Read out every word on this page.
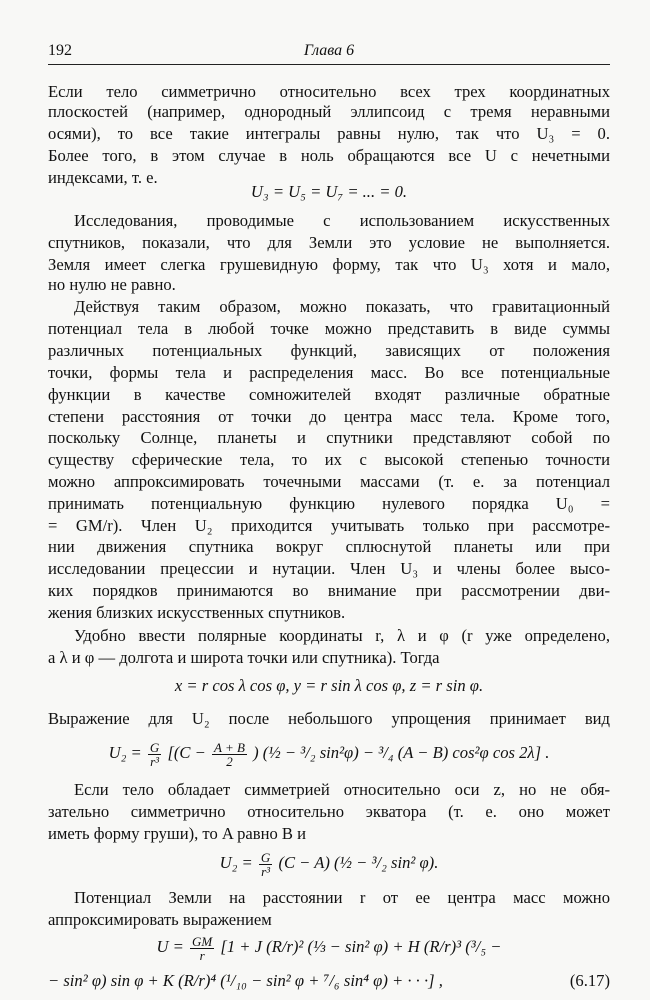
192	Глава 6
Если тело симметрично относительно всех трех координатных
плоскостей (например, однородный эллипсоид с тремя неравными
осями), то все такие интегралы равны нулю, так что U₃ = 0.
Более того, в этом случае в ноль обращаются все U с нечетными
индексами, т. е.
U₃ = U₅ = U₇ = ... = 0.
Исследования, проводимые с использованием искусственных
спутников, показали, что для Земли это условие не выполняется.
Земля имеет слегка грушевидную форму, так что U₃ хотя и мало,
но нулю не равно.
Действуя таким образом, можно показать, что гравитационный
потенциал тела в любой точке можно представить в виде суммы
различных потенциальных функций, зависящих от положения
точки, формы тела и распределения масс. Во все потенциальные
функции в качестве сомножителей входят различные обратные
степени расстояния от точки до центра масс тела. Кроме того,
поскольку Солнце, планеты и спутники представляют собой по
существу сферические тела, то их с высокой степенью точности
можно аппроксимировать точечными массами (т. е. за потенциал
принимать потенциальную функцию нулевого порядка U₀ =
= GM/r). Член U₂ приходится учитывать только при рассмотре-
нии движения спутника вокруг сплюснутой планеты или при
исследовании прецессии и нутации. Член U₃ и члены более высо-
ких порядков принимаются во внимание при рассмотрении дви-
жения близких искусственных спутников.
Удобно ввести полярные координаты r, λ и φ (r уже определено,
a λ и φ — долгота и широта точки или спутника). Тогда
x = r cos λ cos φ, y = r sin λ cos φ, z = r sin φ.
Выражение для U₂ после небольшого упрощения принимает вид
$U_2 = \frac{G}{\text{r³}} [(C - \frac{A + B}{2}$ ) (½ − ³/₂ sin²φ) − ³/₄ (A − B) cos²φ cos 2λ] .
Если тело обладает симметрией относительно оси z, но не обя-
зательно симметрично относительно экватора (т. е. оно может
иметь форму груши), то A равно B и
$U_2 = \frac{G}{\text{r³}} (C - A)$ (½ − ³/₂ sin² φ).
Потенциал Земли на расстоянии r от ее центра масс можно
аппроксимировать выражением
$U = \frac{GM}{r} [1 + J$ (R/r)² (⅓ − sin² φ) + H (R/r)³ (³/₅ −
− sin² φ) sin φ + K (R/r)⁴ (¹/₁₀ − sin² φ + ⁷/₆ sin⁴ φ) + · · ·] ,	(6.17)
